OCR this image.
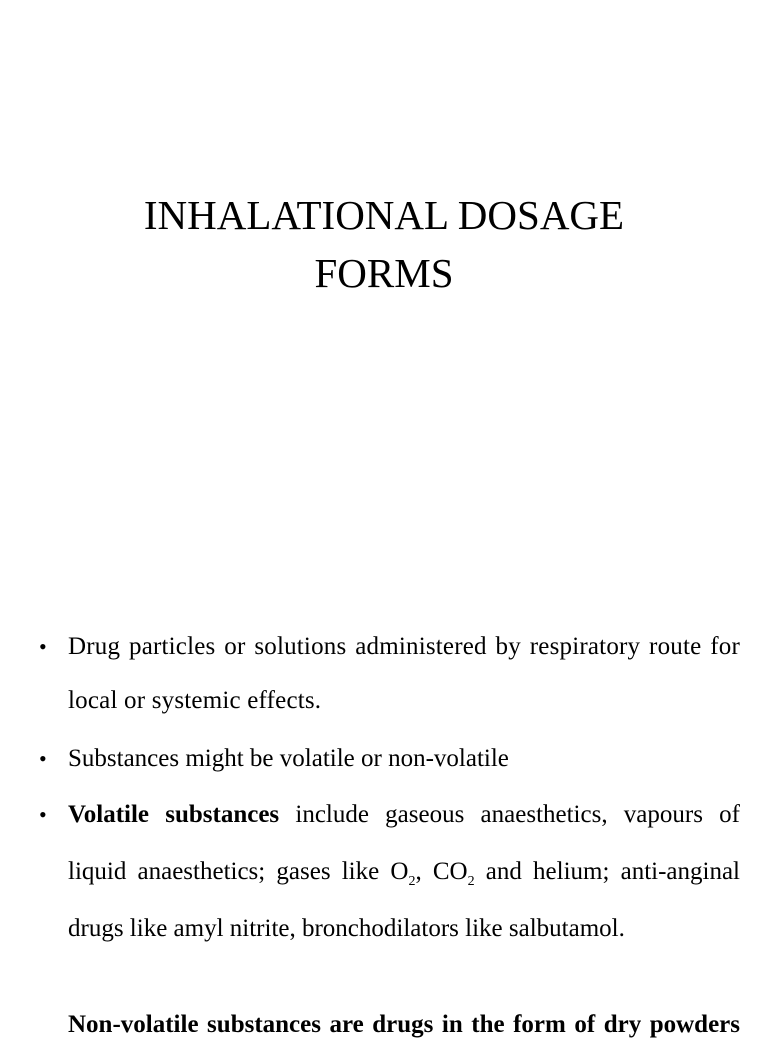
INHALATIONAL DOSAGE
FORMS
• Drug particles or solutions administered by respiratory route for local or systemic effects.
• Substances might be volatile or non-volatile
• Volatile substances include gaseous anaesthetics, vapours of liquid anaesthetics; gases like $O_2$, $CO_2$ and helium; anti-anginal drugs like amyl nitrite, bronchodilators like salbutamol.
Non-volatile substances are drugs in the form of dry powders
